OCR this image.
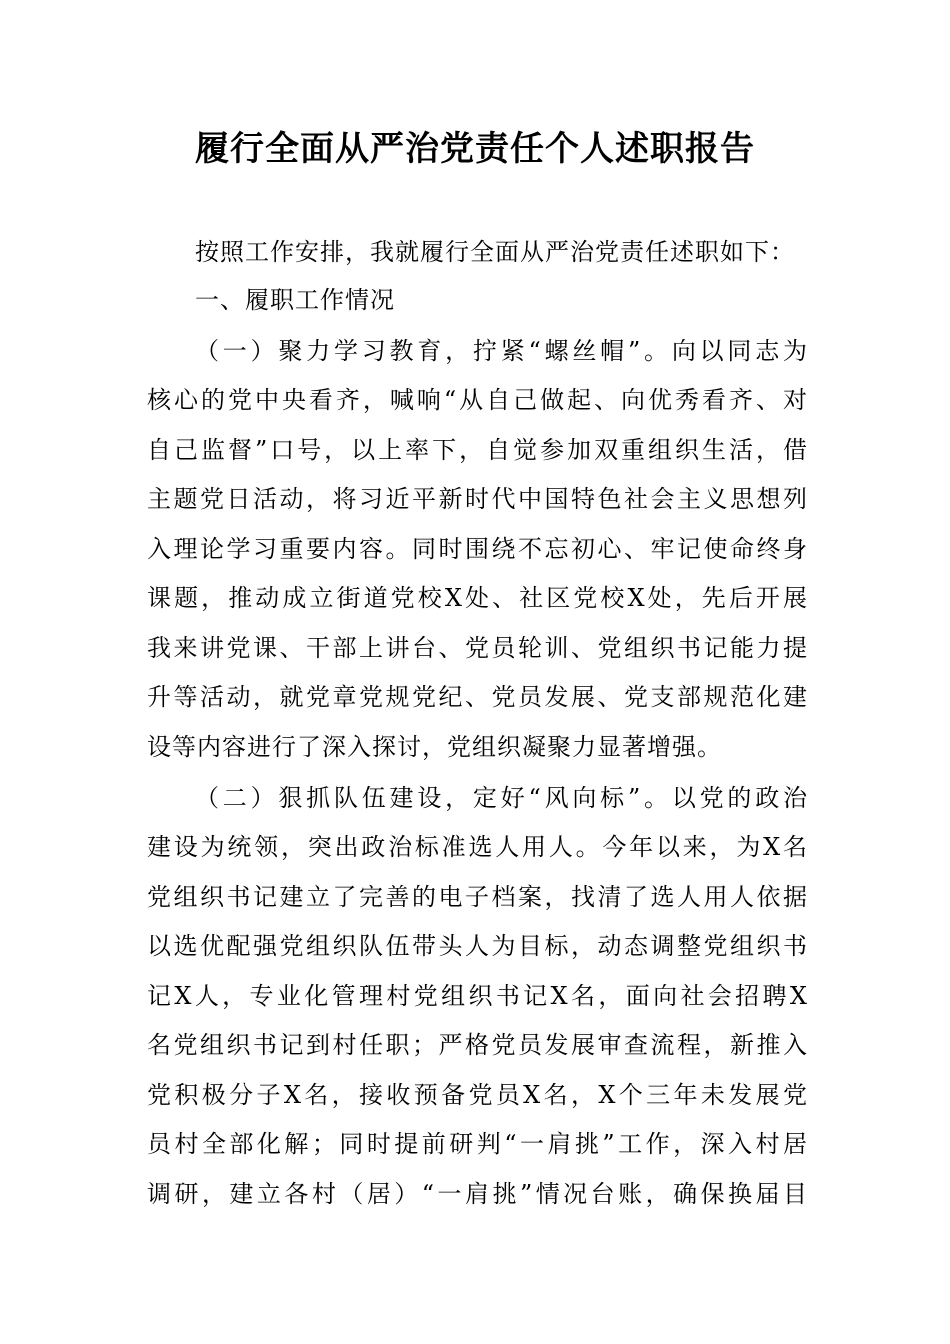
履行全面从严治党责任个人述职报告

按照工作安排，我就履行全面从严治党责任述职如下：

一、履职工作情况

（一）聚力学习教育，拧紧“螺丝帽”。向以同志为

核心的党中央看齐，喊响“从自己做起、向优秀看齐、对

自己监督”口号，以上率下，自觉参加双重组织生活，借

主题党日活动，将习近平新时代中国特色社会主义思想列

入理论学习重要内容。同时围绕不忘初心、牢记使命终身

课题，推动成立街道党校X处、社区党校X处，先后开展

我来讲党课、干部上讲台、党员轮训、党组织书记能力提

升等活动，就党章党规党纪、党员发展、党支部规范化建

设等内容进行了深入探讨，党组织凝聚力显著增强。

（二）狠抓队伍建设，定好“风向标”。以党的政治

建设为统领，突出政治标准选人用人。今年以来，为X名

党组织书记建立了完善的电子档案，找清了选人用人依据

以选优配强党组织队伍带头人为目标，动态调整党组织书

记X人，专业化管理村党组织书记X名，面向社会招聘X

名党组织书记到村任职；严格党员发展审查流程，新推入

党积极分子X名，接收预备党员X名，X个三年未发展党

员村全部化解；同时提前研判“一肩挑”工作，深入村居

调研，建立各村（居）“一肩挑”情况台账，确保换届目
